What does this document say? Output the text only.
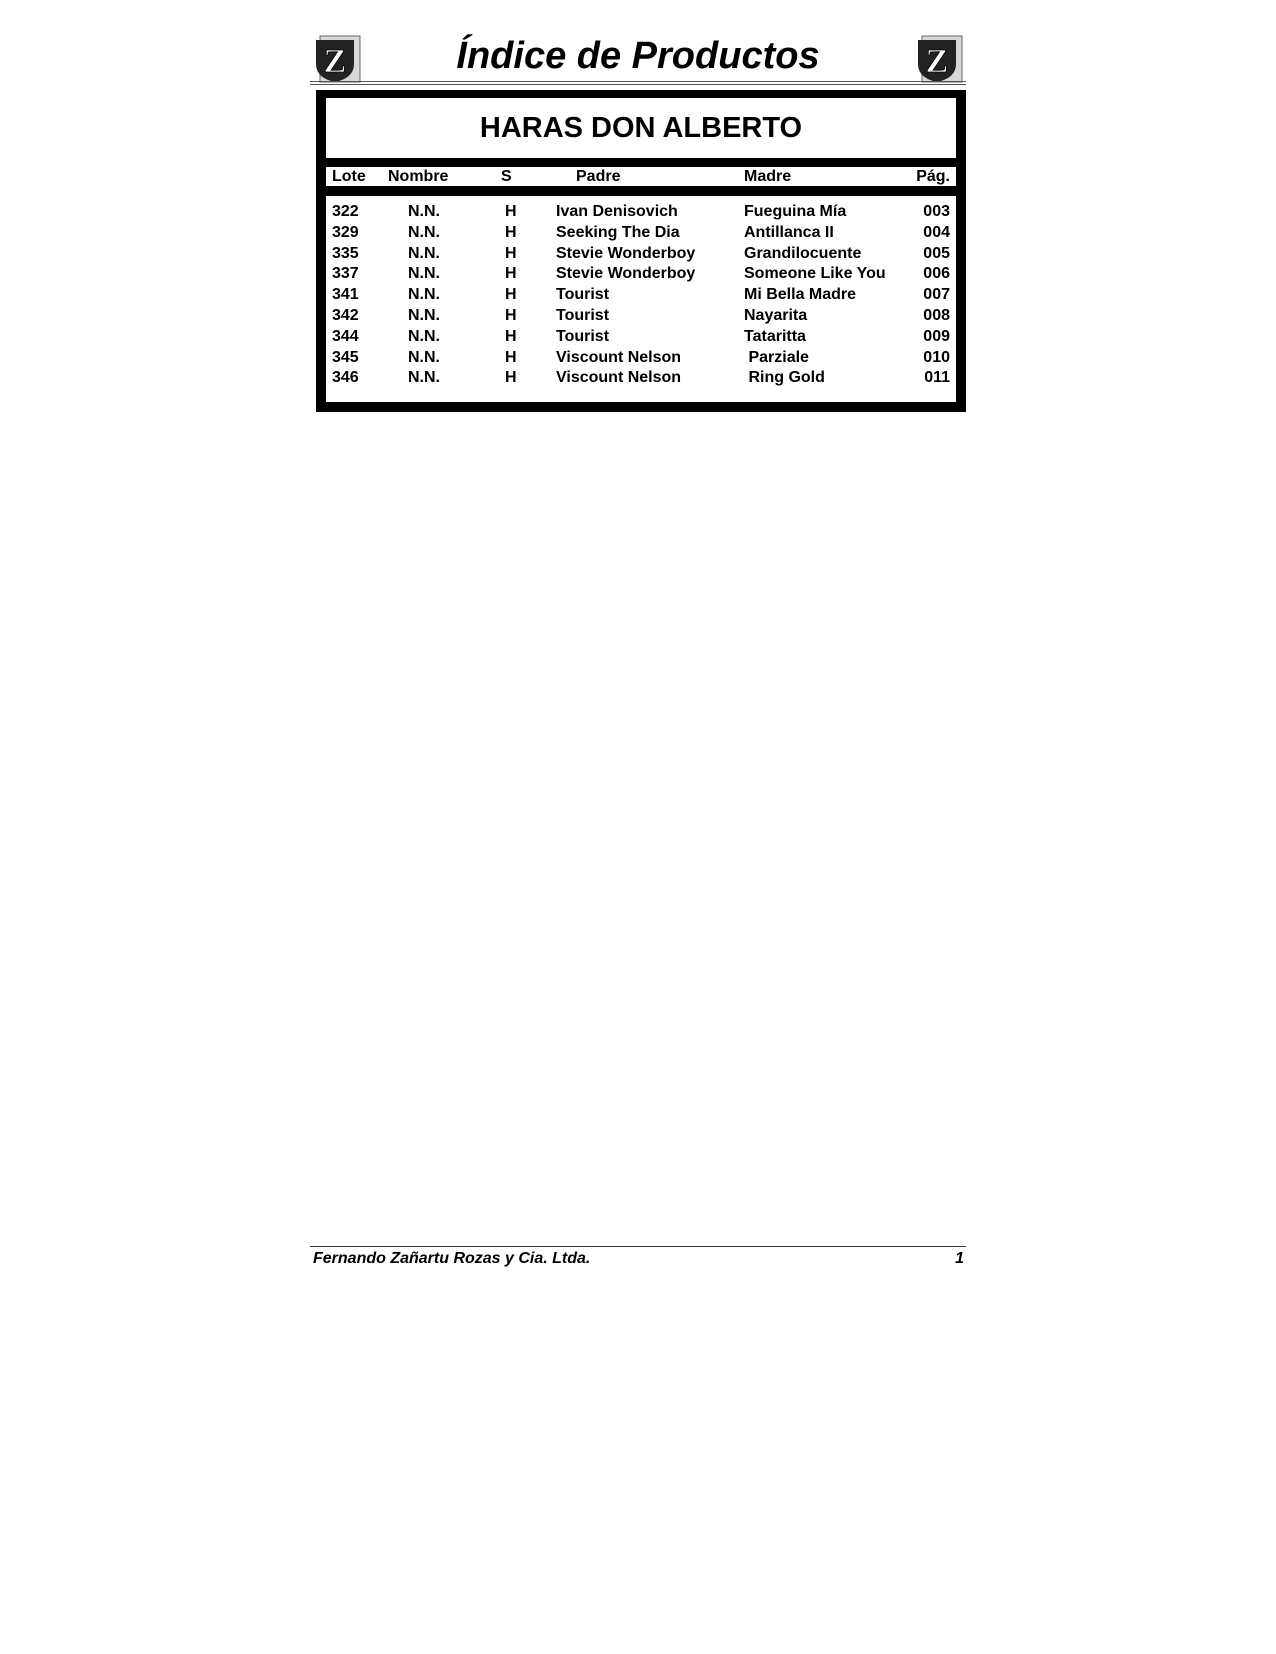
Z	Índice de Productos	Z
HARAS DON ALBERTO
Lote Nombre	S	Padre	Madre	Pág.
322	N.N.	H Ivan Denisovich	Fueguina Mía	003
329	N.N.	H Seeking The Dia	Antillanca II	004
335	N.N.	H Stevie Wonderboy	Grandilocuente	005
337	N.N.	H Stevie Wonderboy	Someone Like You 006
341	N.N.	H Tourist	Mi Bella Madre	007
342	N.N.	H Tourist	Nayarita	008
344	N.N.	H Tourist	Tataritta	009
345	N.N.	H Viscount Nelson	Parziale	010
346	N.N.	H Viscount Nelson	Ring Gold	011
Fernando Zañartu Rozas y Cia. Ltda.	1
